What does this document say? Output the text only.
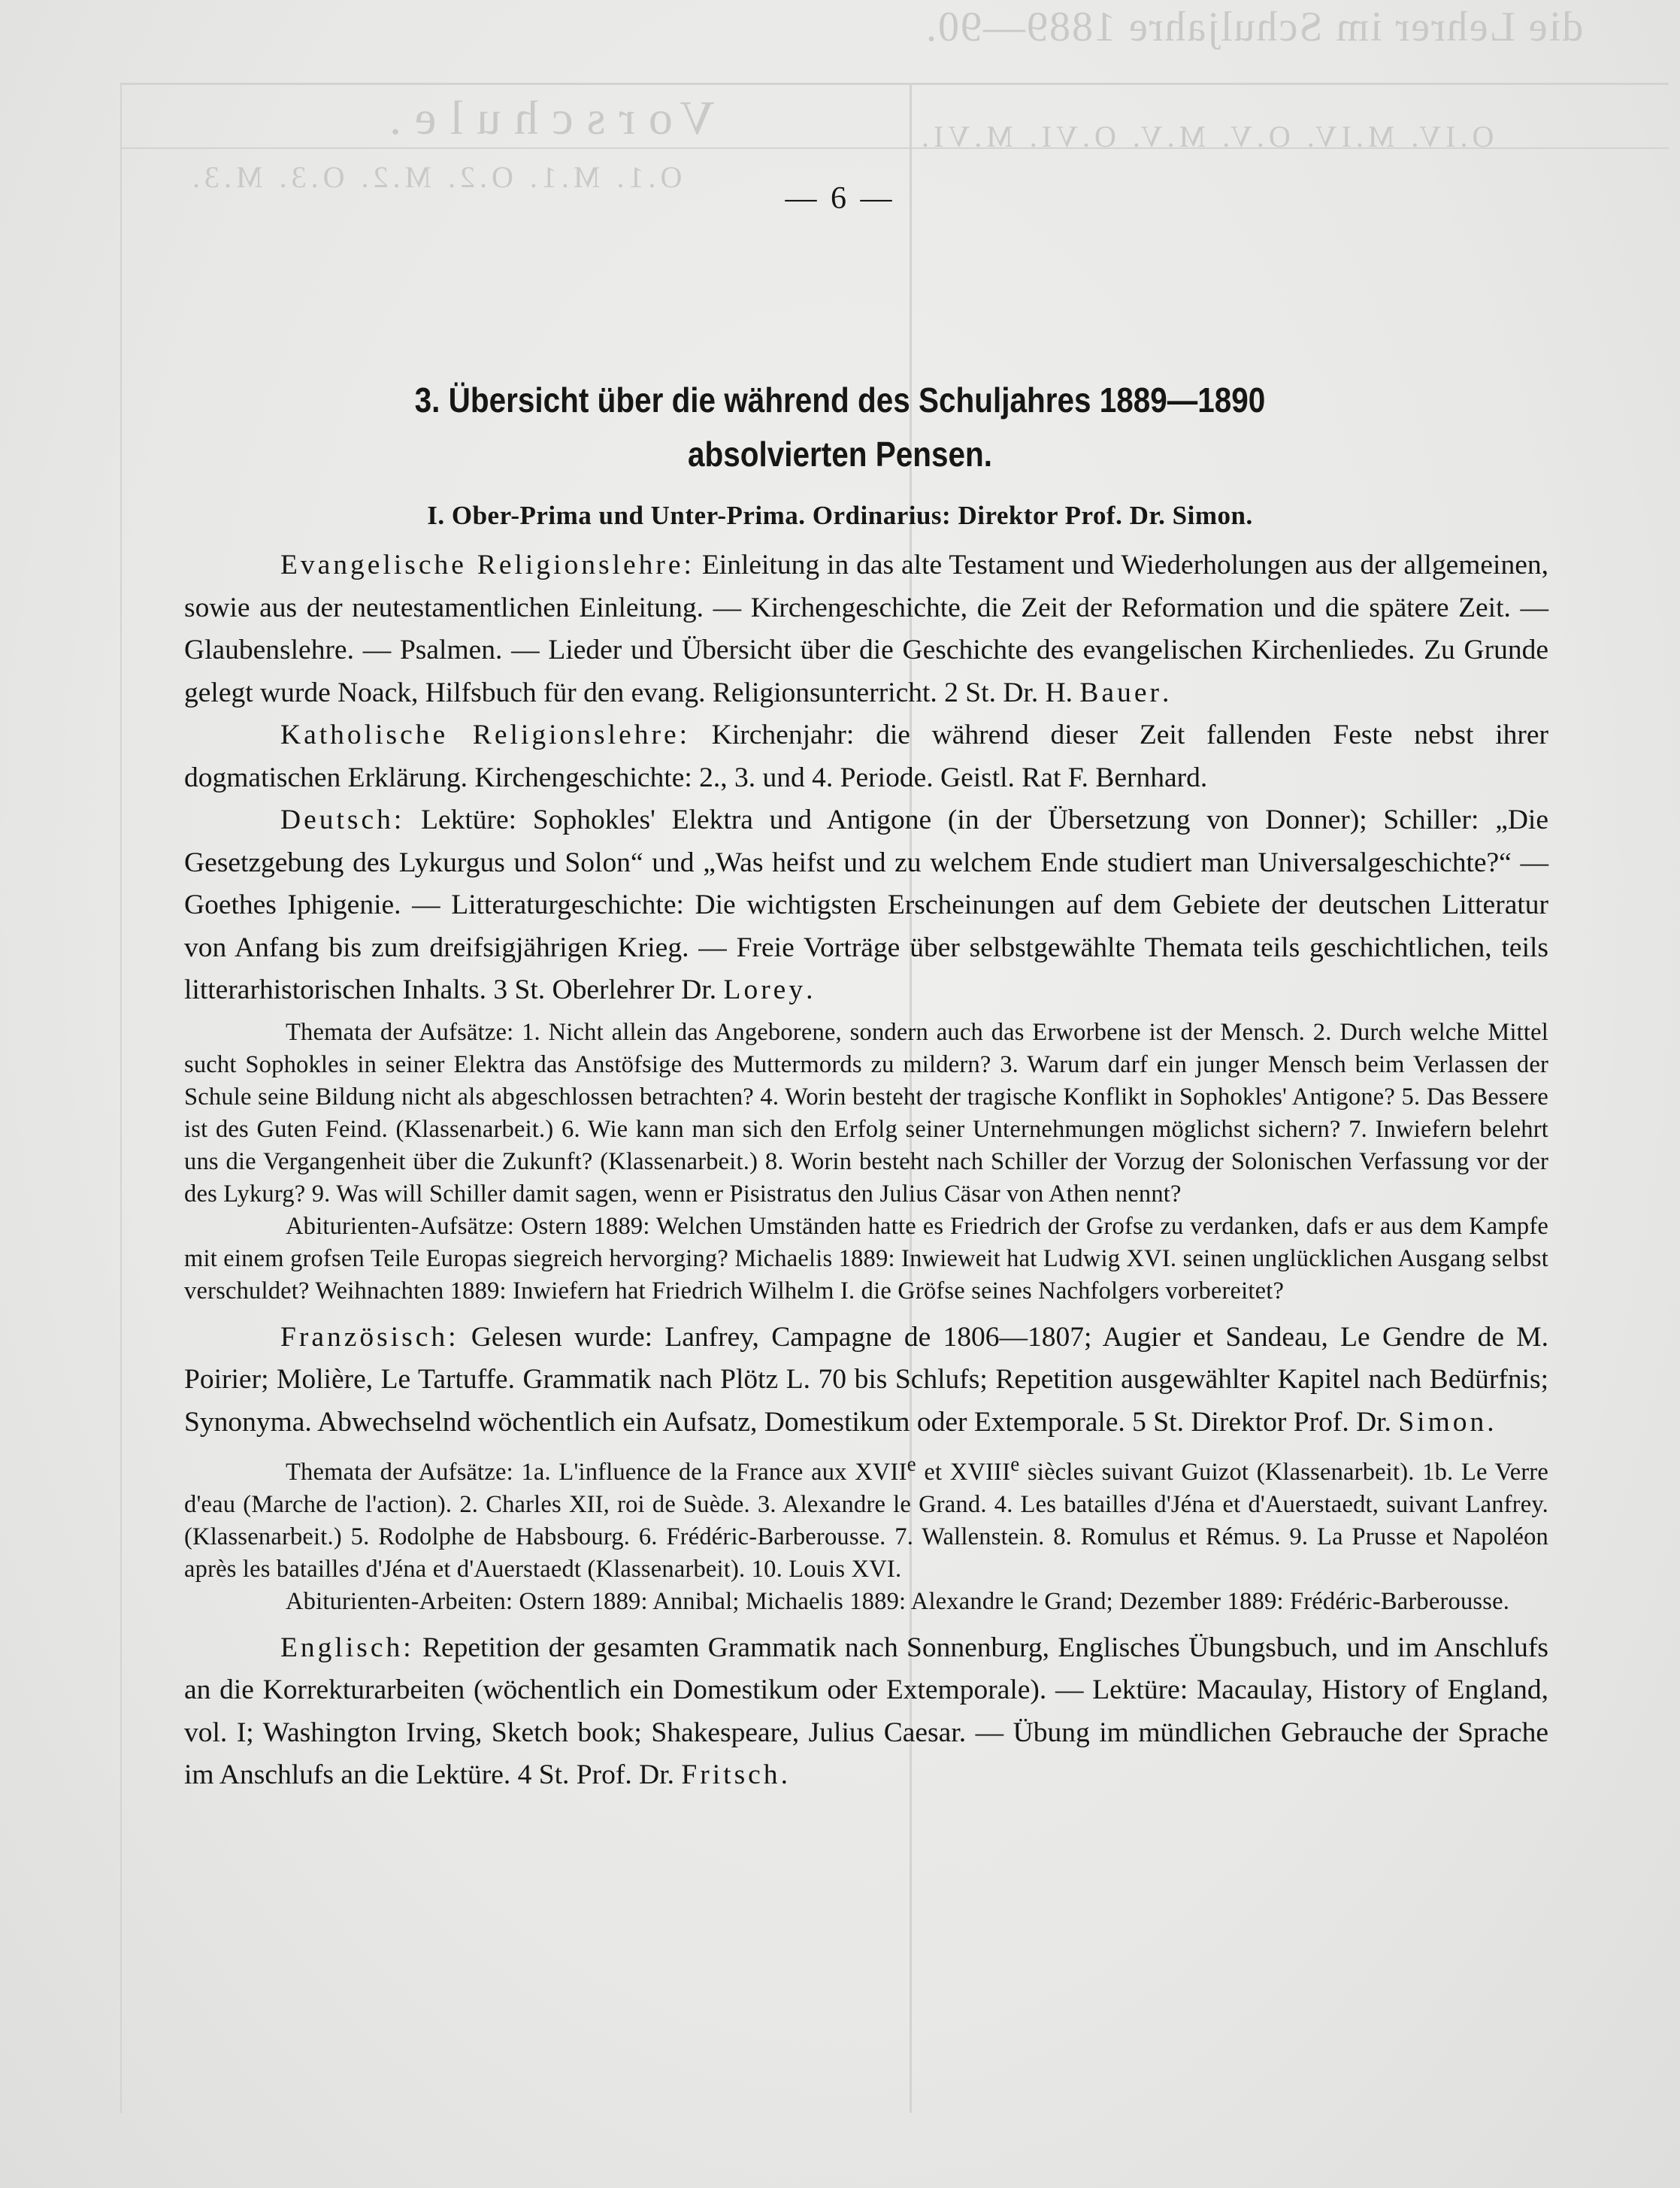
die Lehrer im Schuljahre 1889—90.
Vorschule.	O.IV. M.IV. O.V. M.V. O.VI. M.VI.
O.1. M.1. O.2. M.2. O.3. M.3.
— 6 —
3. Übersicht über die während des Schuljahres 1889—1890
absolvierten Pensen.
I. Ober-Prima und Unter-Prima. Ordinarius: Direktor Prof. Dr. Simon.

Evangelische Religionslehre: Einleitung in das alte Testament und Wiederholungen aus der allgemeinen, sowie aus der neutestamentlichen Einleitung. — Kirchengeschichte, die Zeit der Reformation und die spätere Zeit. — Glaubenslehre. — Psalmen. — Lieder und Übersicht über die Geschichte des evangelischen Kirchenliedes. Zu Grunde gelegt wurde Noack, Hilfsbuch für den evang. Religionsunterricht. 2 St. Dr. H. Bauer.

Katholische Religionslehre: Kirchenjahr: die während dieser Zeit fallenden Feste nebst ihrer dogmatischen Erklärung. Kirchengeschichte: 2., 3. und 4. Periode. Geistl. Rat F. Bernhard.

Deutsch: Lektüre: Sophokles' Elektra und Antigone (in der Übersetzung von Donner); Schiller: „Die Gesetzgebung des Lykurgus und Solon“ und „Was heifst und zu welchem Ende studiert man Universalgeschichte?“ — Goethes Iphigenie. — Litteraturgeschichte: Die wichtigsten Erscheinungen auf dem Gebiete der deutschen Litteratur von Anfang bis zum dreifsigjährigen Krieg. — Freie Vorträge über selbstgewählte Themata teils geschichtlichen, teils litterarhistorischen Inhalts. 3 St. Oberlehrer Dr. Lorey.

Themata der Aufsätze: 1. Nicht allein das Angeborene, sondern auch das Erworbene ist der Mensch. 2. Durch welche Mittel sucht Sophokles in seiner Elektra das Anstöfsige des Muttermords zu mildern? 3. Warum darf ein junger Mensch beim Verlassen der Schule seine Bildung nicht als abgeschlossen betrachten? 4. Worin besteht der tragische Konflikt in Sophokles' Antigone? 5. Das Bessere ist des Guten Feind. (Klassenarbeit.) 6. Wie kann man sich den Erfolg seiner Unternehmungen möglichst sichern? 7. Inwiefern belehrt uns die Vergangenheit über die Zukunft? (Klassenarbeit.) 8. Worin besteht nach Schiller der Vorzug der Solonischen Verfassung vor der des Lykurg? 9. Was will Schiller damit sagen, wenn er Pisistratus den Julius Cäsar von Athen nennt?

Abiturienten-Aufsätze: Ostern 1889: Welchen Umständen hatte es Friedrich der Grofse zu verdanken, dafs er aus dem Kampfe mit einem grofsen Teile Europas siegreich hervorging? Michaelis 1889: Inwieweit hat Ludwig XVI. seinen unglücklichen Ausgang selbst verschuldet? Weihnachten 1889: Inwiefern hat Friedrich Wilhelm I. die Gröfse seines Nachfolgers vorbereitet?

Französisch: Gelesen wurde: Lanfrey, Campagne de 1806—1807; Augier et Sandeau, Le Gendre de M. Poirier; Molière, Le Tartuffe. Grammatik nach Plötz L. 70 bis Schlufs; Repetition ausgewählter Kapitel nach Bedürfnis; Synonyma. Abwechselnd wöchentlich ein Aufsatz, Domestikum oder Extemporale. 5 St. Direktor Prof. Dr. Simon.

Themata der Aufsätze: 1a. L'influence de la France aux XVIIe et XVIIIe siècles suivant Guizot (Klassenarbeit). 1b. Le Verre d'eau (Marche de l'action). 2. Charles XII, roi de Suède. 3. Alexandre le Grand. 4. Les batailles d'Jéna et d'Auerstaedt, suivant Lanfrey. (Klassenarbeit.) 5. Rodolphe de Habsbourg. 6. Frédéric-Barberousse. 7. Wallenstein. 8. Romulus et Rémus. 9. La Prusse et Napoléon après les batailles d'Jéna et d'Auerstaedt (Klassenarbeit). 10. Louis XVI.

Abiturienten-Arbeiten: Ostern 1889: Annibal; Michaelis 1889: Alexandre le Grand; Dezember 1889: Frédéric-Barberousse.

Englisch: Repetition der gesamten Grammatik nach Sonnenburg, Englisches Übungsbuch, und im Anschlufs an die Korrekturarbeiten (wöchentlich ein Domestikum oder Extemporale). — Lektüre: Macaulay, History of England, vol. I; Washington Irving, Sketch book; Shakespeare, Julius Caesar. — Übung im mündlichen Gebrauche der Sprache im Anschlufs an die Lektüre. 4 St. Prof. Dr. Fritsch.
